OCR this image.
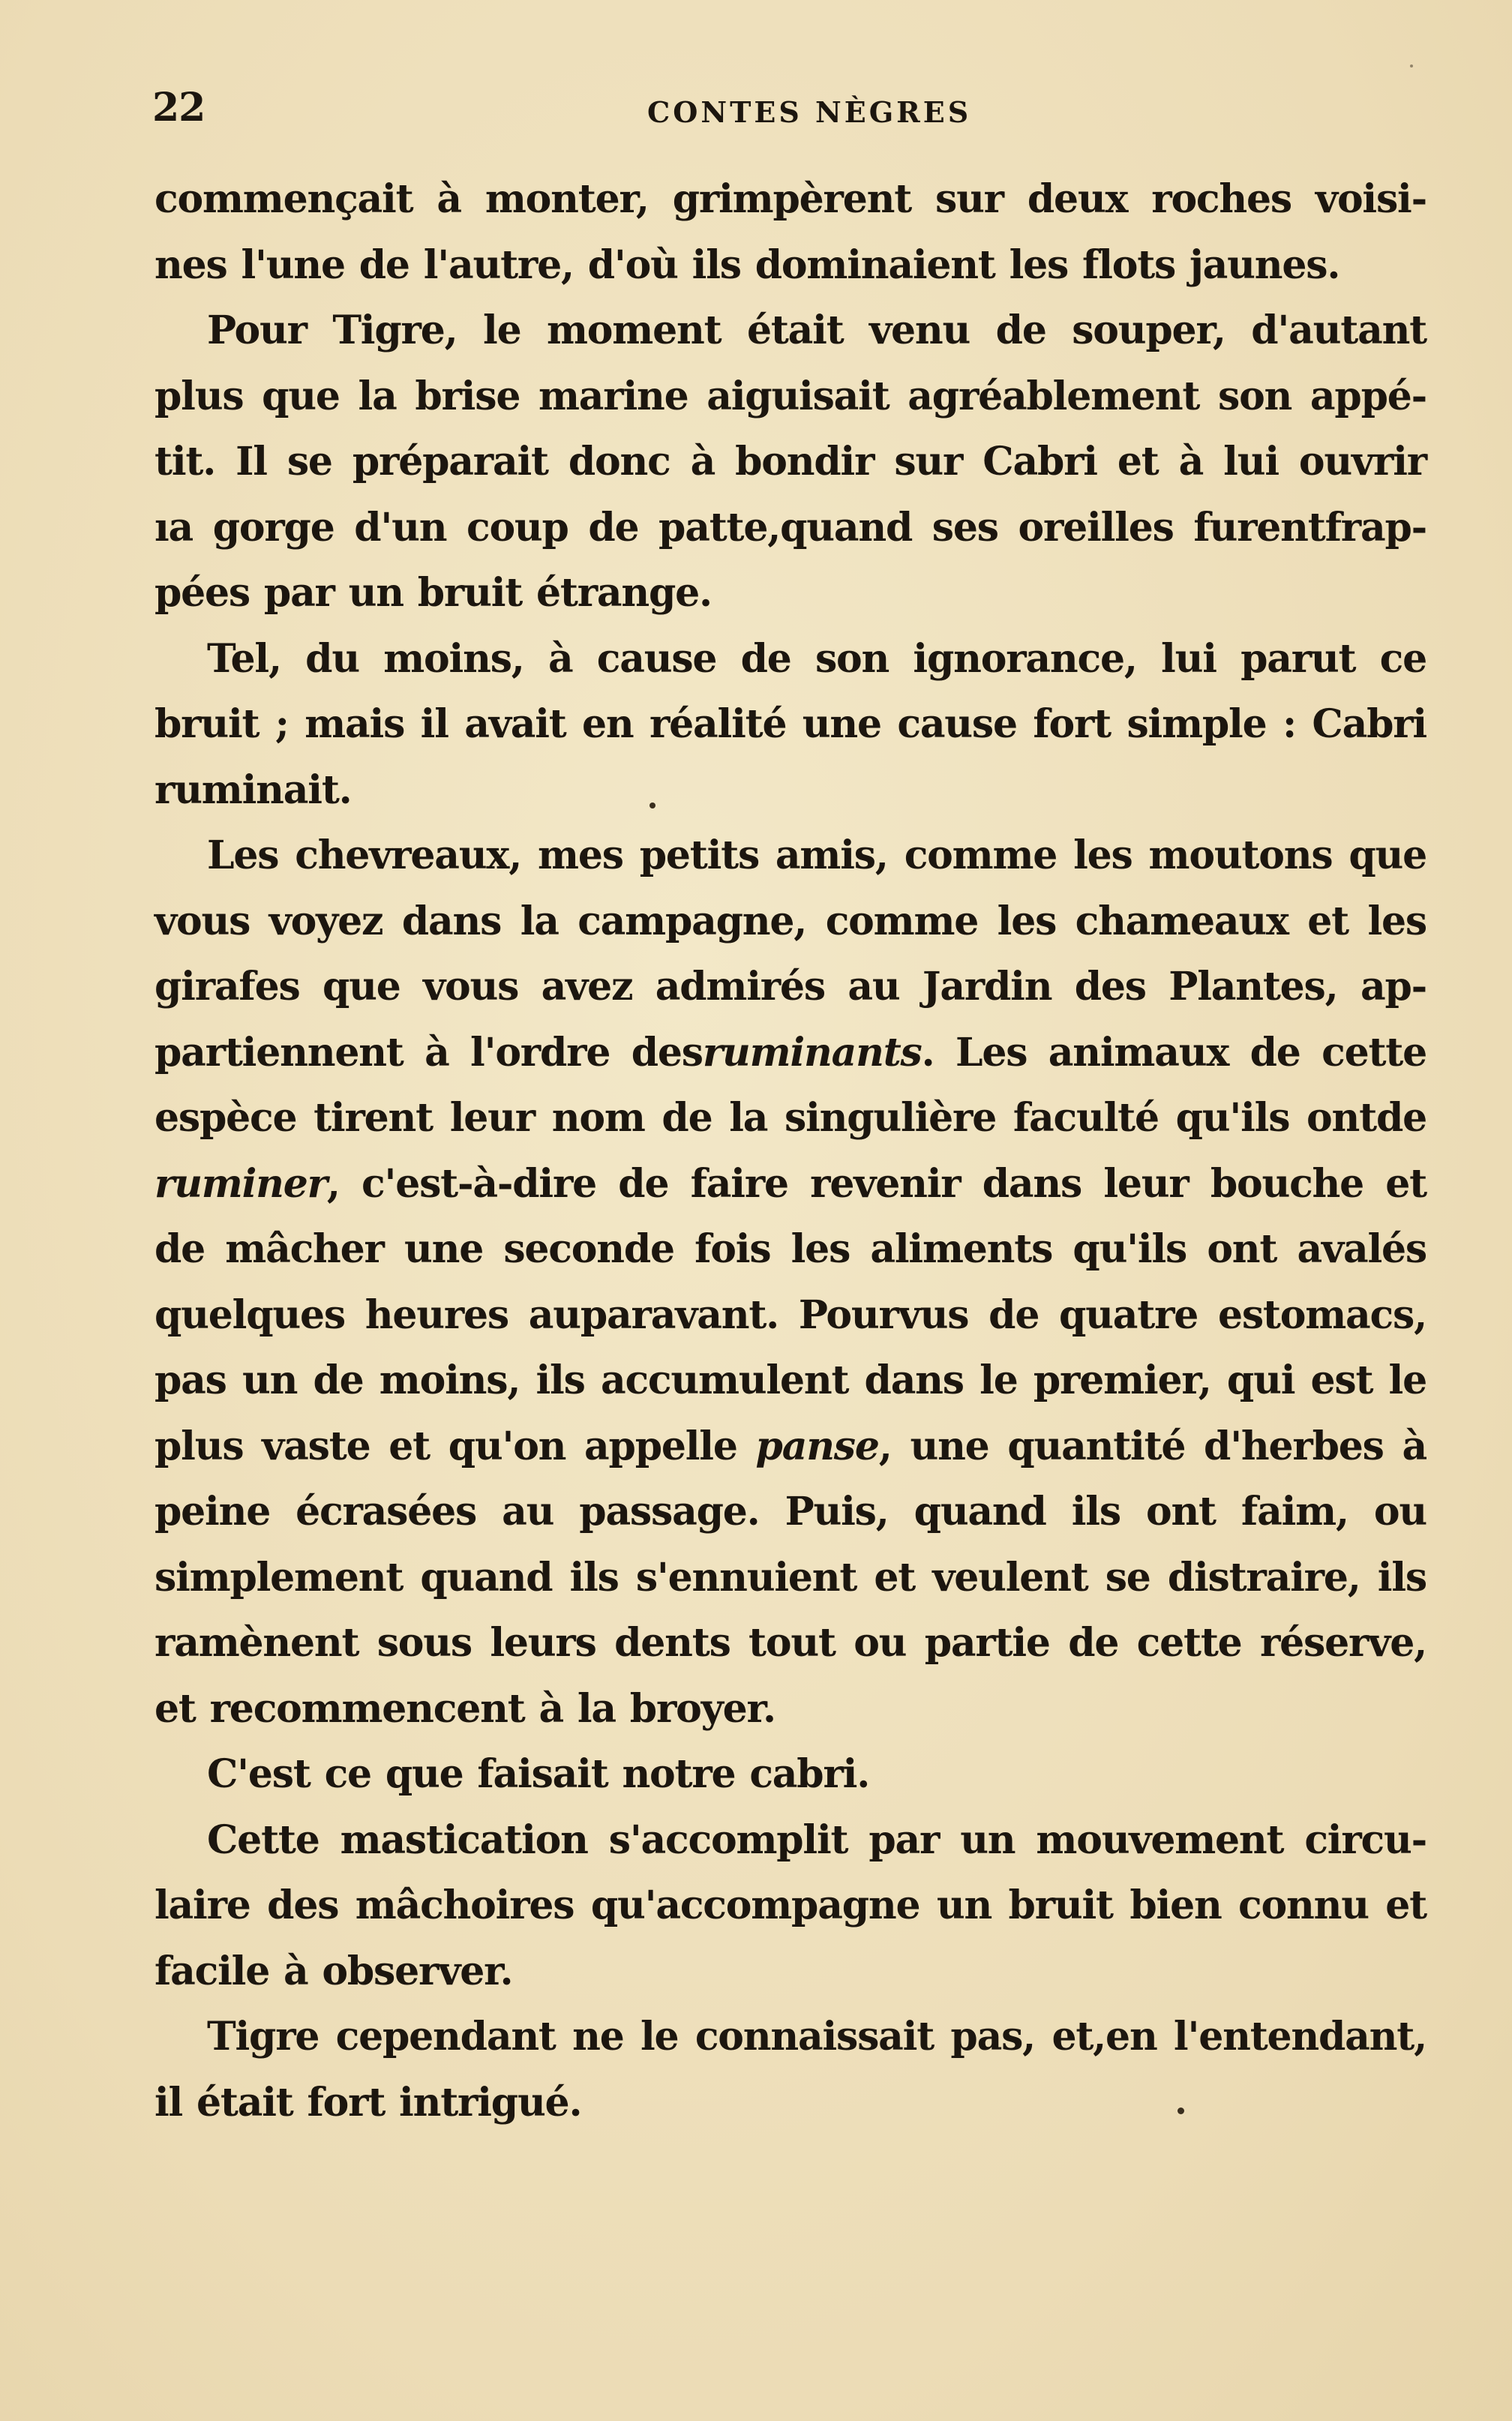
22	CONTES NÈGRES
commençait à monter, grimpèrent sur deux roches voisi-
nes l'une de l'autre, d'où ils dominaient les flots jaunes.
Pour Tigre, le moment était venu de souper, d'autant
plus que la brise marine aiguisait agréablement son appé-
tit. Il se préparait donc à bondir sur Cabri et à lui ouvrir
ıa gorge d'un coup de patte,quand ses oreilles furentfrap-
pées par un bruit étrange.
Tel, du moins, à cause de son ignorance, lui parut ce
bruit ; mais il avait en réalité une cause fort simple : Cabri
ruminait.
Les chevreaux, mes petits amis, comme les moutons que
vous voyez dans la campagne, comme les chameaux et les
girafes que vous avez admirés au Jardin des Plantes, ap-
partiennent à l'ordre desruminants. Les animaux de cette
espèce tirent leur nom de la singulière faculté qu'ils ontde
ruminer, c'est-à-dire de faire revenir dans leur bouche et
de mâcher une seconde fois les aliments qu'ils ont avalés
quelques heures auparavant. Pourvus de quatre estomacs,
pas un de moins, ils accumulent dans le premier, qui est le
plus vaste et qu'on appelle panse, une quantité d'herbes à
peine écrasées au passage. Puis, quand ils ont faim, ou
simplement quand ils s'ennuient et veulent se distraire, ils
ramènent sous leurs dents tout ou partie de cette réserve,
et recommencent à la broyer.
C'est ce que faisait notre cabri.
Cette mastication s'accomplit par un mouvement circu-
laire des mâchoires qu'accompagne un bruit bien connu et
facile à observer.
Tigre cependant ne le connaissait pas, et,en l'entendant,
il était fort intrigué.
